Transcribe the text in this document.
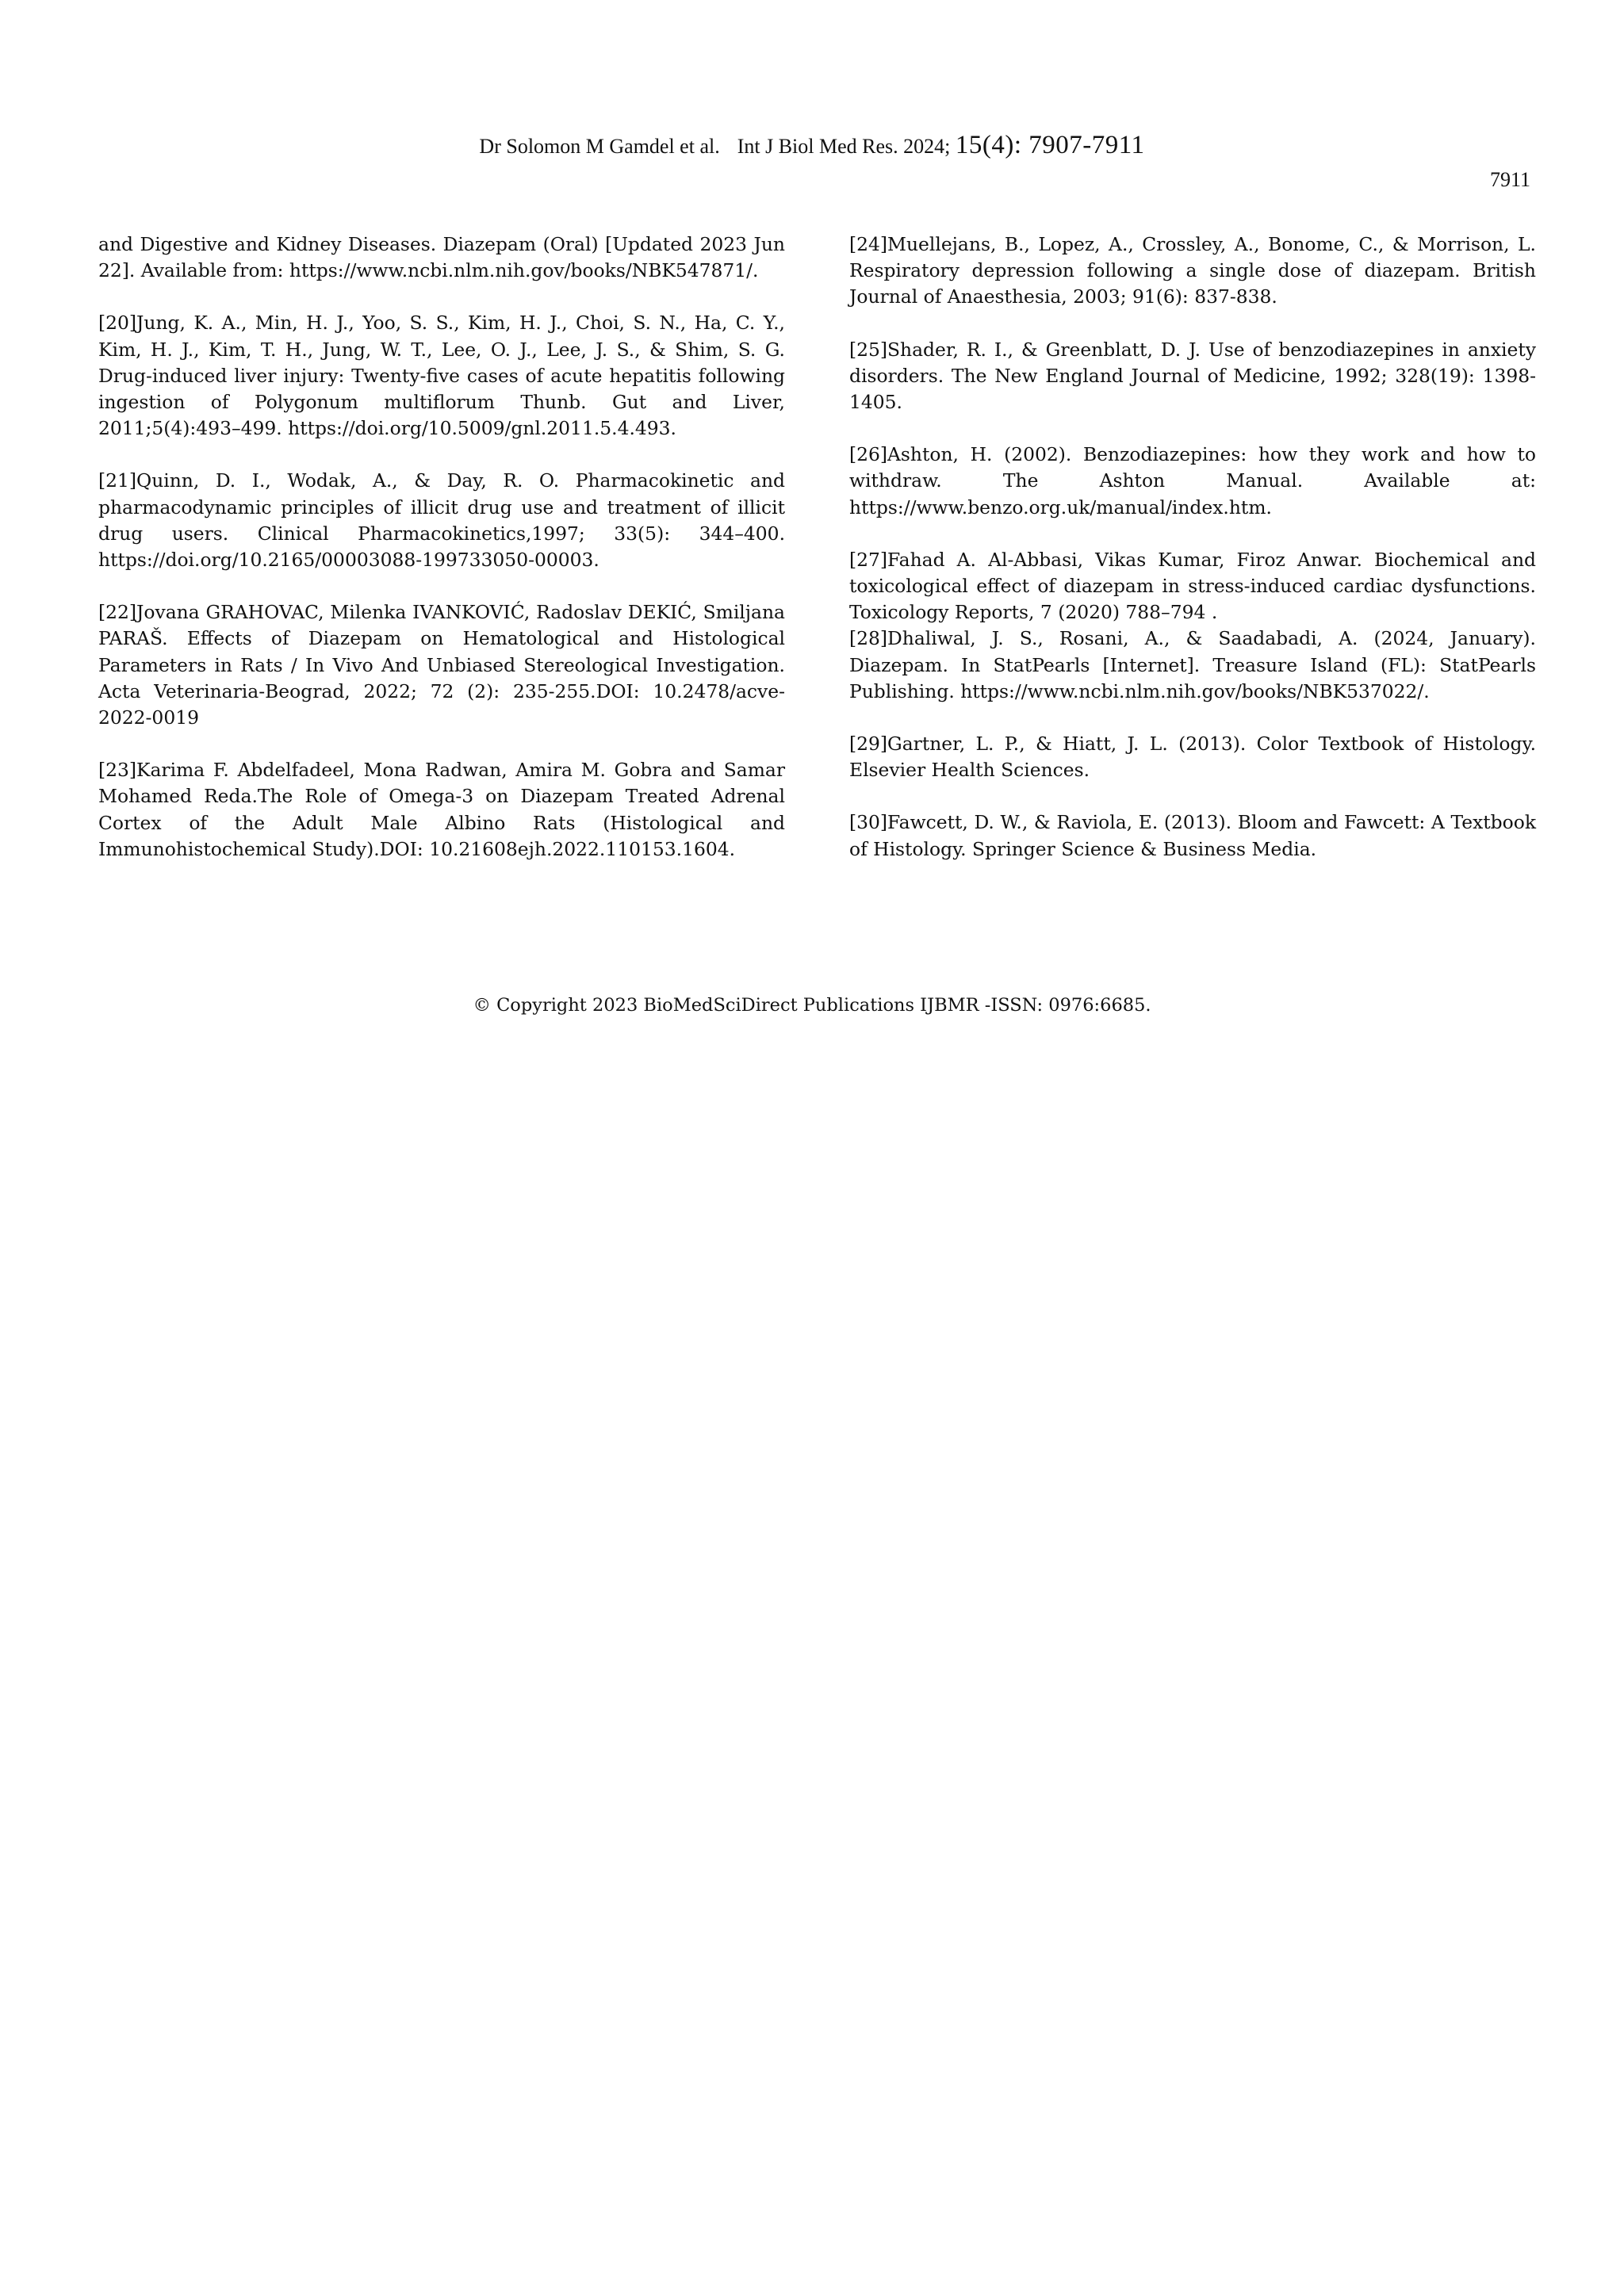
Dr Solomon M Gamdel et al. Int J Biol Med Res. 2024; 15(4): 7907-7911
7911

and Digestive and Kidney Diseases. Diazepam (Oral) [Updated 2023 Jun 22]. Available from: https://www.ncbi.nlm.nih.gov/books/NBK547871/.

[20]Jung, K. A., Min, H. J., Yoo, S. S., Kim, H. J., Choi, S. N., Ha, C. Y., Kim, H. J., Kim, T. H., Jung, W. T., Lee, O. J., Lee, J. S., & Shim, S. G. Drug-induced liver injury: Twenty-five cases of acute hepatitis following ingestion of Polygonum multiflorum Thunb. Gut and Liver, 2011;5(4):493–499. https://doi.org/10.5009/gnl.2011.5.4.493.

[21]Quinn, D. I., Wodak, A., & Day, R. O. Pharmacokinetic and pharmacodynamic principles of illicit drug use and treatment of illicit drug users. Clinical Pharmacokinetics,1997; 33(5): 344–400. https://doi.org/10.2165/00003088-199733050-00003.

[22]Jovana GRAHOVAC, Milenka IVANKOVIĆ, Radoslav DEKIĆ, Smiljana PARAŠ. Effects of Diazepam on Hematological and Histological Parameters in Rats / In Vivo And Unbiased Stereological Investigation. Acta Veterinaria-Beograd, 2022; 72 (2): 235-255.DOI: 10.2478/acve-2022-0019

[23]Karima F. Abdelfadeel, Mona Radwan, Amira M. Gobra and Samar Mohamed Reda.The Role of Omega-3 on Diazepam Treated Adrenal Cortex of the Adult Male Albino Rats (Histological and Immunohistochemical Study).DOI: 10.21608ejh.2022.110153.1604.

[24]Muellejans, B., Lopez, A., Crossley, A., Bonome, C., & Morrison, L. Respiratory depression following a single dose of diazepam. British Journal of Anaesthesia, 2003; 91(6): 837-838.

[25]Shader, R. I., & Greenblatt, D. J. Use of benzodiazepines in anxiety disorders. The New England Journal of Medicine, 1992; 328(19): 1398-1405.

[26]Ashton, H. (2002). Benzodiazepines: how they work and how to withdraw. The Ashton Manual. Available at: https://www.benzo.org.uk/manual/index.htm.

[27]Fahad A. Al-Abbasi, Vikas Kumar, Firoz Anwar. Biochemical and toxicological effect of diazepam in stress-induced cardiac dysfunctions. Toxicology Reports, 7 (2020) 788–794 .

[28]Dhaliwal, J. S., Rosani, A., & Saadabadi, A. (2024, January). Diazepam. In StatPearls [Internet]. Treasure Island (FL): StatPearls Publishing. https://www.ncbi.nlm.nih.gov/books/NBK537022/.

[29]Gartner, L. P., & Hiatt, J. L. (2013). Color Textbook of Histology. Elsevier Health Sciences.

[30]Fawcett, D. W., & Raviola, E. (2013). Bloom and Fawcett: A Textbook of Histology. Springer Science & Business Media.

© Copyright 2023 BioMedSciDirect Publications IJBMR -ISSN: 0976:6685.
